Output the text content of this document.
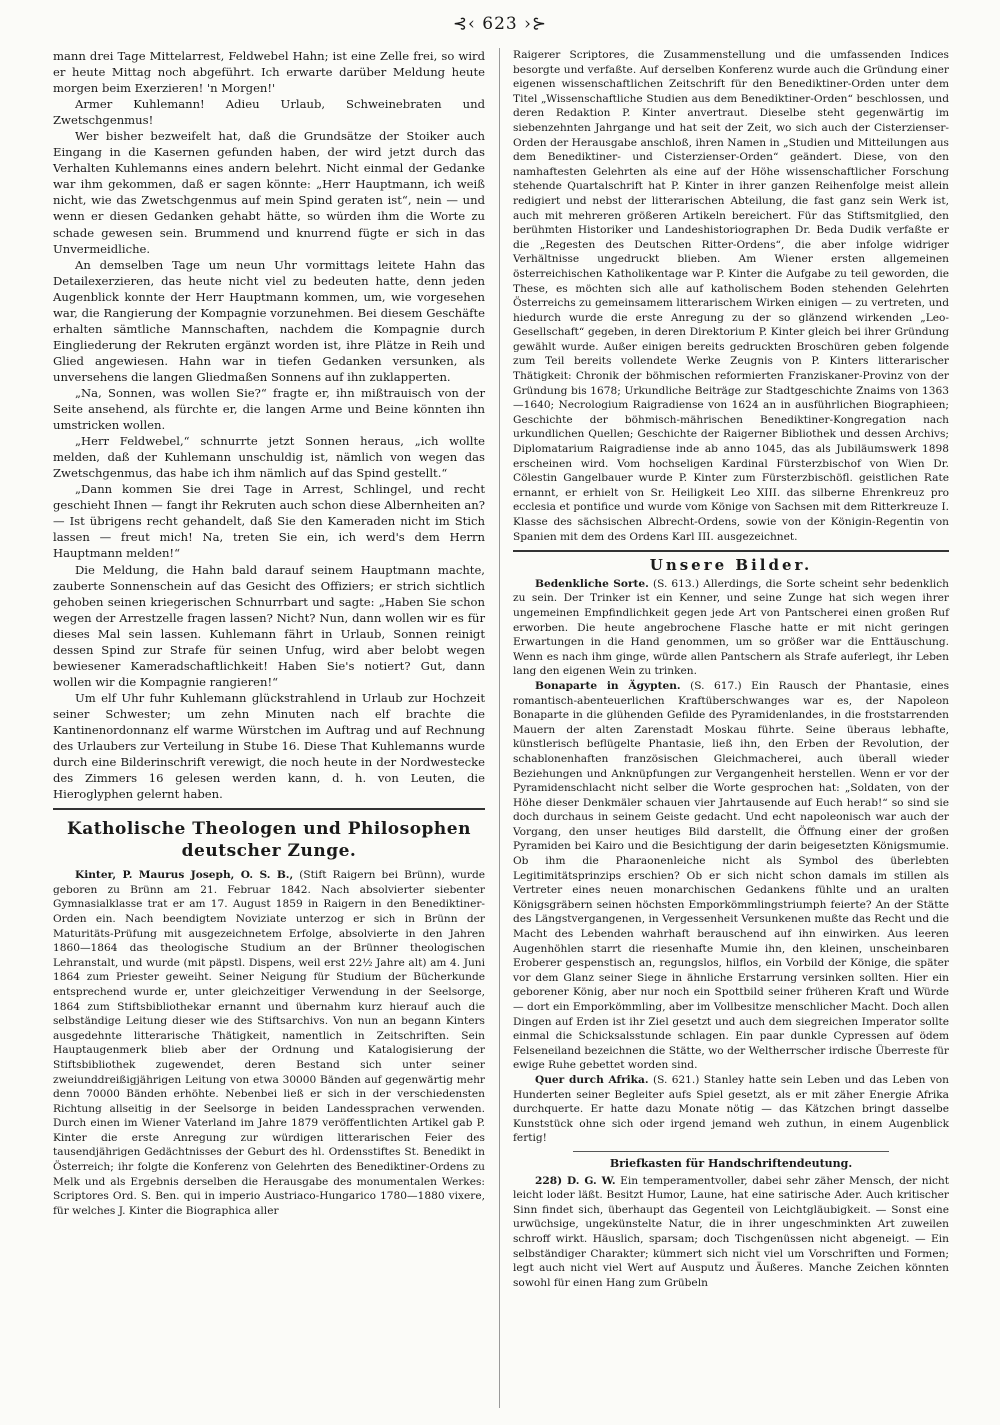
⊰‹ 623 ›⊱

mann drei Tage Mittelarrest, Feldwebel Hahn; ist eine Zelle frei, so wird er heute Mittag noch abgeführt. Ich erwarte darüber Meldung heute morgen beim Exerzieren! 'n Morgen!'

Armer Kuhlemann! Adieu Urlaub, Schweinebraten und Zwetschgenmus!

Wer bisher bezweifelt hat, daß die Grundsätze der Stoiker auch Eingang in die Kasernen gefunden haben, der wird jetzt durch das Verhalten Kuhlemanns eines andern belehrt. Nicht einmal der Gedanke war ihm gekommen, daß er sagen könnte: „Herr Hauptmann, ich weiß nicht, wie das Zwetschgenmus auf mein Spind geraten ist“, nein — und wenn er diesen Gedanken gehabt hätte, so würden ihm die Worte zu schade gewesen sein. Brummend und knurrend fügte er sich in das Unvermeidliche.

An demselben Tage um neun Uhr vormittags leitete Hahn das Detailexerzieren, das heute nicht viel zu bedeuten hatte, denn jeden Augenblick konnte der Herr Hauptmann kommen, um, wie vorgesehen war, die Rangierung der Kompagnie vorzunehmen. Bei diesem Geschäfte erhalten sämtliche Mannschaften, nachdem die Kompagnie durch Eingliederung der Rekruten ergänzt worden ist, ihre Plätze in Reih und Glied angewiesen. Hahn war in tiefen Gedanken versunken, als unversehens die langen Gliedmaßen Sonnens auf ihn zuklapperten.

„Na, Sonnen, was wollen Sie?“ fragte er, ihn mißtrauisch von der Seite ansehend, als fürchte er, die langen Arme und Beine könnten ihn umstricken wollen.

„Herr Feldwebel,“ schnurrte jetzt Sonnen heraus, „ich wollte melden, daß der Kuhlemann unschuldig ist, nämlich von wegen das Zwetschgenmus, das habe ich ihm nämlich auf das Spind gestellt.“

„Dann kommen Sie drei Tage in Arrest, Schlingel, und recht geschieht Ihnen — fangt ihr Rekruten auch schon diese Albernheiten an? — Ist übrigens recht gehandelt, daß Sie den Kameraden nicht im Stich lassen — freut mich! Na, treten Sie ein, ich werd's dem Herrn Hauptmann melden!“

Die Meldung, die Hahn bald darauf seinem Hauptmann machte, zauberte Sonnenschein auf das Gesicht des Offiziers; er strich sichtlich gehoben seinen kriegerischen Schnurrbart und sagte: „Haben Sie schon wegen der Arrestzelle fragen lassen? Nicht? Nun, dann wollen wir es für dieses Mal sein lassen. Kuhlemann fährt in Urlaub, Sonnen reinigt dessen Spind zur Strafe für seinen Unfug, wird aber belobt wegen bewiesener Kameradschaftlichkeit! Haben Sie's notiert? Gut, dann wollen wir die Kompagnie rangieren!“

Um elf Uhr fuhr Kuhlemann glückstrahlend in Urlaub zur Hochzeit seiner Schwester; um zehn Minuten nach elf brachte die Kantinenordonnanz elf warme Würstchen im Auftrag und auf Rechnung des Urlaubers zur Verteilung in Stube 16. Diese That Kuhlemanns wurde durch eine Bilderinschrift verewigt, die noch heute in der Nordwestecke des Zimmers 16 gelesen werden kann, d. h. von Leuten, die Hieroglyphen gelernt haben.

Katholische Theologen und Philosophen deutscher Zunge.

Kinter, P. Maurus Joseph, O. S. B., (Stift Raigern bei Brünn), wurde geboren zu Brünn am 21. Februar 1842. Nach absolvierter siebenter Gymnasialklasse trat er am 17. August 1859 in Raigern in den Benediktiner-Orden ein. Nach beendigtem Noviziate unterzog er sich in Brünn der Maturitäts-Prüfung mit ausgezeichnetem Erfolge, absolvierte in den Jahren 1860—1864 das theologische Studium an der Brünner theologischen Lehranstalt, und wurde (mit päpstl. Dispens, weil erst 22½ Jahre alt) am 4. Juni 1864 zum Priester geweiht. Seiner Neigung für Studium der Bücherkunde entsprechend wurde er, unter gleichzeitiger Verwendung in der Seelsorge, 1864 zum Stiftsbibliothekar ernannt und übernahm kurz hierauf auch die selbständige Leitung dieser wie des Stiftsarchivs. Von nun an begann Kinters ausgedehnte litterarische Thätigkeit, namentlich in Zeitschriften. Sein Hauptaugenmerk blieb aber der Ordnung und Katalogisierung der Stiftsbibliothek zugewendet, deren Bestand sich unter seiner zweiunddreißigjährigen Leitung von etwa 30000 Bänden auf gegenwärtig mehr denn 70000 Bänden erhöhte. Nebenbei ließ er sich in der verschiedensten Richtung allseitig in der Seelsorge in beiden Landessprachen verwenden. Durch einen im Wiener Vaterland im Jahre 1879 veröffentlichten Artikel gab P. Kinter die erste Anregung zur würdigen litterarischen Feier des tausendjährigen Gedächtnisses der Geburt des hl. Ordensstiftes St. Benedikt in Österreich; ihr folgte die Konferenz von Gelehrten des Benediktiner-Ordens zu Melk und als Ergebnis derselben die Herausgabe des monumentalen Werkes: Scriptores Ord. S. Ben. qui in imperio Austriaco-Hungarico 1780—1880 vixere, für welches J. Kinter die Biographica aller

Raigerer Scriptores, die Zusammenstellung und die umfassenden Indices besorgte und verfaßte. Auf derselben Konferenz wurde auch die Gründung einer eigenen wissenschaftlichen Zeitschrift für den Benediktiner-Orden unter dem Titel „Wissenschaftliche Studien aus dem Benediktiner-Orden“ beschlossen, und deren Redaktion P. Kinter anvertraut. Dieselbe steht gegenwärtig im siebenzehnten Jahrgange und hat seit der Zeit, wo sich auch der Cisterzienser-Orden der Herausgabe anschloß, ihren Namen in „Studien und Mitteilungen aus dem Benediktiner- und Cisterzienser-Orden“ geändert. Diese, von den namhaftesten Gelehrten als eine auf der Höhe wissenschaftlicher Forschung stehende Quartalschrift hat P. Kinter in ihrer ganzen Reihenfolge meist allein redigiert und nebst der litterarischen Abteilung, die fast ganz sein Werk ist, auch mit mehreren größeren Artikeln bereichert. Für das Stiftsmitglied, den berühmten Historiker und Landeshistoriographen Dr. Beda Dudik verfaßte er die „Regesten des Deutschen Ritter-Ordens“, die aber infolge widriger Verhältnisse ungedruckt blieben. Am Wiener ersten allgemeinen österreichischen Katholikentage war P. Kinter die Aufgabe zu teil geworden, die These, es möchten sich alle auf katholischem Boden stehenden Gelehrten Österreichs zu gemeinsamem litterarischem Wirken einigen — zu vertreten, und hiedurch wurde die erste Anregung zu der so glänzend wirkenden „Leo-Gesellschaft“ gegeben, in deren Direktorium P. Kinter gleich bei ihrer Gründung gewählt wurde. Außer einigen bereits gedruckten Broschüren geben folgende zum Teil bereits vollendete Werke Zeugnis von P. Kinters litterarischer Thätigkeit: Chronik der böhmischen reformierten Franziskaner-Provinz von der Gründung bis 1678; Urkundliche Beiträge zur Stadtgeschichte Znaims von 1363—1640; Necrologium Raigradiense von 1624 an in ausführlichen Biographieen; Geschichte der böhmisch-mährischen Benediktiner-Kongregation nach urkundlichen Quellen; Geschichte der Raigerner Bibliothek und dessen Archivs; Diplomatarium Raigradiense inde ab anno 1045, das als Jubiläumswerk 1898 erscheinen wird. Vom hochseligen Kardinal Fürsterzbischof von Wien Dr. Cölestin Gangelbauer wurde P. Kinter zum Fürsterzbischöfl. geistlichen Rate ernannt, er erhielt von Sr. Heiligkeit Leo XIII. das silberne Ehrenkreuz pro ecclesia et pontifice und wurde vom Könige von Sachsen mit dem Ritterkreuze I. Klasse des sächsischen Albrecht-Ordens, sowie von der Königin-Regentin von Spanien mit dem des Ordens Karl III. ausgezeichnet.

Unsere Bilder.

Bedenkliche Sorte. (S. 613.) Allerdings, die Sorte scheint sehr bedenklich zu sein. Der Trinker ist ein Kenner, und seine Zunge hat sich wegen ihrer ungemeinen Empfindlichkeit gegen jede Art von Pantscherei einen großen Ruf erworben. Die heute angebrochene Flasche hatte er mit nicht geringen Erwartungen in die Hand genommen, um so größer war die Enttäuschung. Wenn es nach ihm ginge, würde allen Pantschern als Strafe auferlegt, ihr Leben lang den eigenen Wein zu trinken.

Bonaparte in Ägypten. (S. 617.) Ein Rausch der Phantasie, eines romantisch-abenteuerlichen Kraftüberschwanges war es, der Napoleon Bonaparte in die glühenden Gefilde des Pyramidenlandes, in die froststarrenden Mauern der alten Zarenstadt Moskau führte. Seine überaus lebhafte, künstlerisch beflügelte Phantasie, ließ ihn, den Erben der Revolution, der schablonenhaften französischen Gleichmacherei, auch überall wieder Beziehungen und Anknüpfungen zur Vergangenheit herstellen. Wenn er vor der Pyramidenschlacht nicht selber die Worte gesprochen hat: „Soldaten, von der Höhe dieser Denkmäler schauen vier Jahrtausende auf Euch herab!“ so sind sie doch durchaus in seinem Geiste gedacht. Und echt napoleonisch war auch der Vorgang, den unser heutiges Bild darstellt, die Öffnung einer der großen Pyramiden bei Kairo und die Besichtigung der darin beigesetzten Königsmumie. Ob ihm die Pharaonenleiche nicht als Symbol des überlebten Legitimitätsprinzips erschien? Ob er sich nicht schon damals im stillen als Vertreter eines neuen monarchischen Gedankens fühlte und an uralten Königsgräbern seinen höchsten Emporkömmlingstriumph feierte? An der Stätte des Längstvergangenen, in Vergessenheit Versunkenen mußte das Recht und die Macht des Lebenden wahrhaft berauschend auf ihn einwirken. Aus leeren Augenhöhlen starrt die riesenhafte Mumie ihn, den kleinen, unscheinbaren Eroberer gespenstisch an, regungslos, hilflos, ein Vorbild der Könige, die später vor dem Glanz seiner Siege in ähnliche Erstarrung versinken sollten. Hier ein geborener König, aber nur noch ein Spottbild seiner früheren Kraft und Würde — dort ein Emporkömmling, aber im Vollbesitze menschlicher Macht. Doch allen Dingen auf Erden ist ihr Ziel gesetzt und auch dem siegreichen Imperator sollte einmal die Schicksalsstunde schlagen. Ein paar dunkle Cypressen auf ödem Felseneiland bezeichnen die Stätte, wo der Weltherrscher irdische Überreste für ewige Ruhe gebettet worden sind.

Quer durch Afrika. (S. 621.) Stanley hatte sein Leben und das Leben von Hunderten seiner Begleiter aufs Spiel gesetzt, als er mit zäher Energie Afrika durchquerte. Er hatte dazu Monate nötig — das Kätzchen bringt dasselbe Kunststück ohne sich oder irgend jemand weh zuthun, in einem Augenblick fertig!

Briefkasten für Handschriftendeutung.

228) D. G. W. Ein temperamentvoller, dabei sehr zäher Mensch, der nicht leicht loder läßt. Besitzt Humor, Laune, hat eine satirische Ader. Auch kritischer Sinn findet sich, überhaupt das Gegenteil von Leichtgläubigkeit. — Sonst eine urwüchsige, ungekünstelte Natur, die in ihrer ungeschminkten Art zuweilen schroff wirkt. Häuslich, sparsam; doch Tischgenüssen nicht abgeneigt. — Ein selbständiger Charakter; kümmert sich nicht viel um Vorschriften und Formen; legt auch nicht viel Wert auf Ausputz und Äußeres. Manche Zeichen könnten sowohl für einen Hang zum Grübeln
